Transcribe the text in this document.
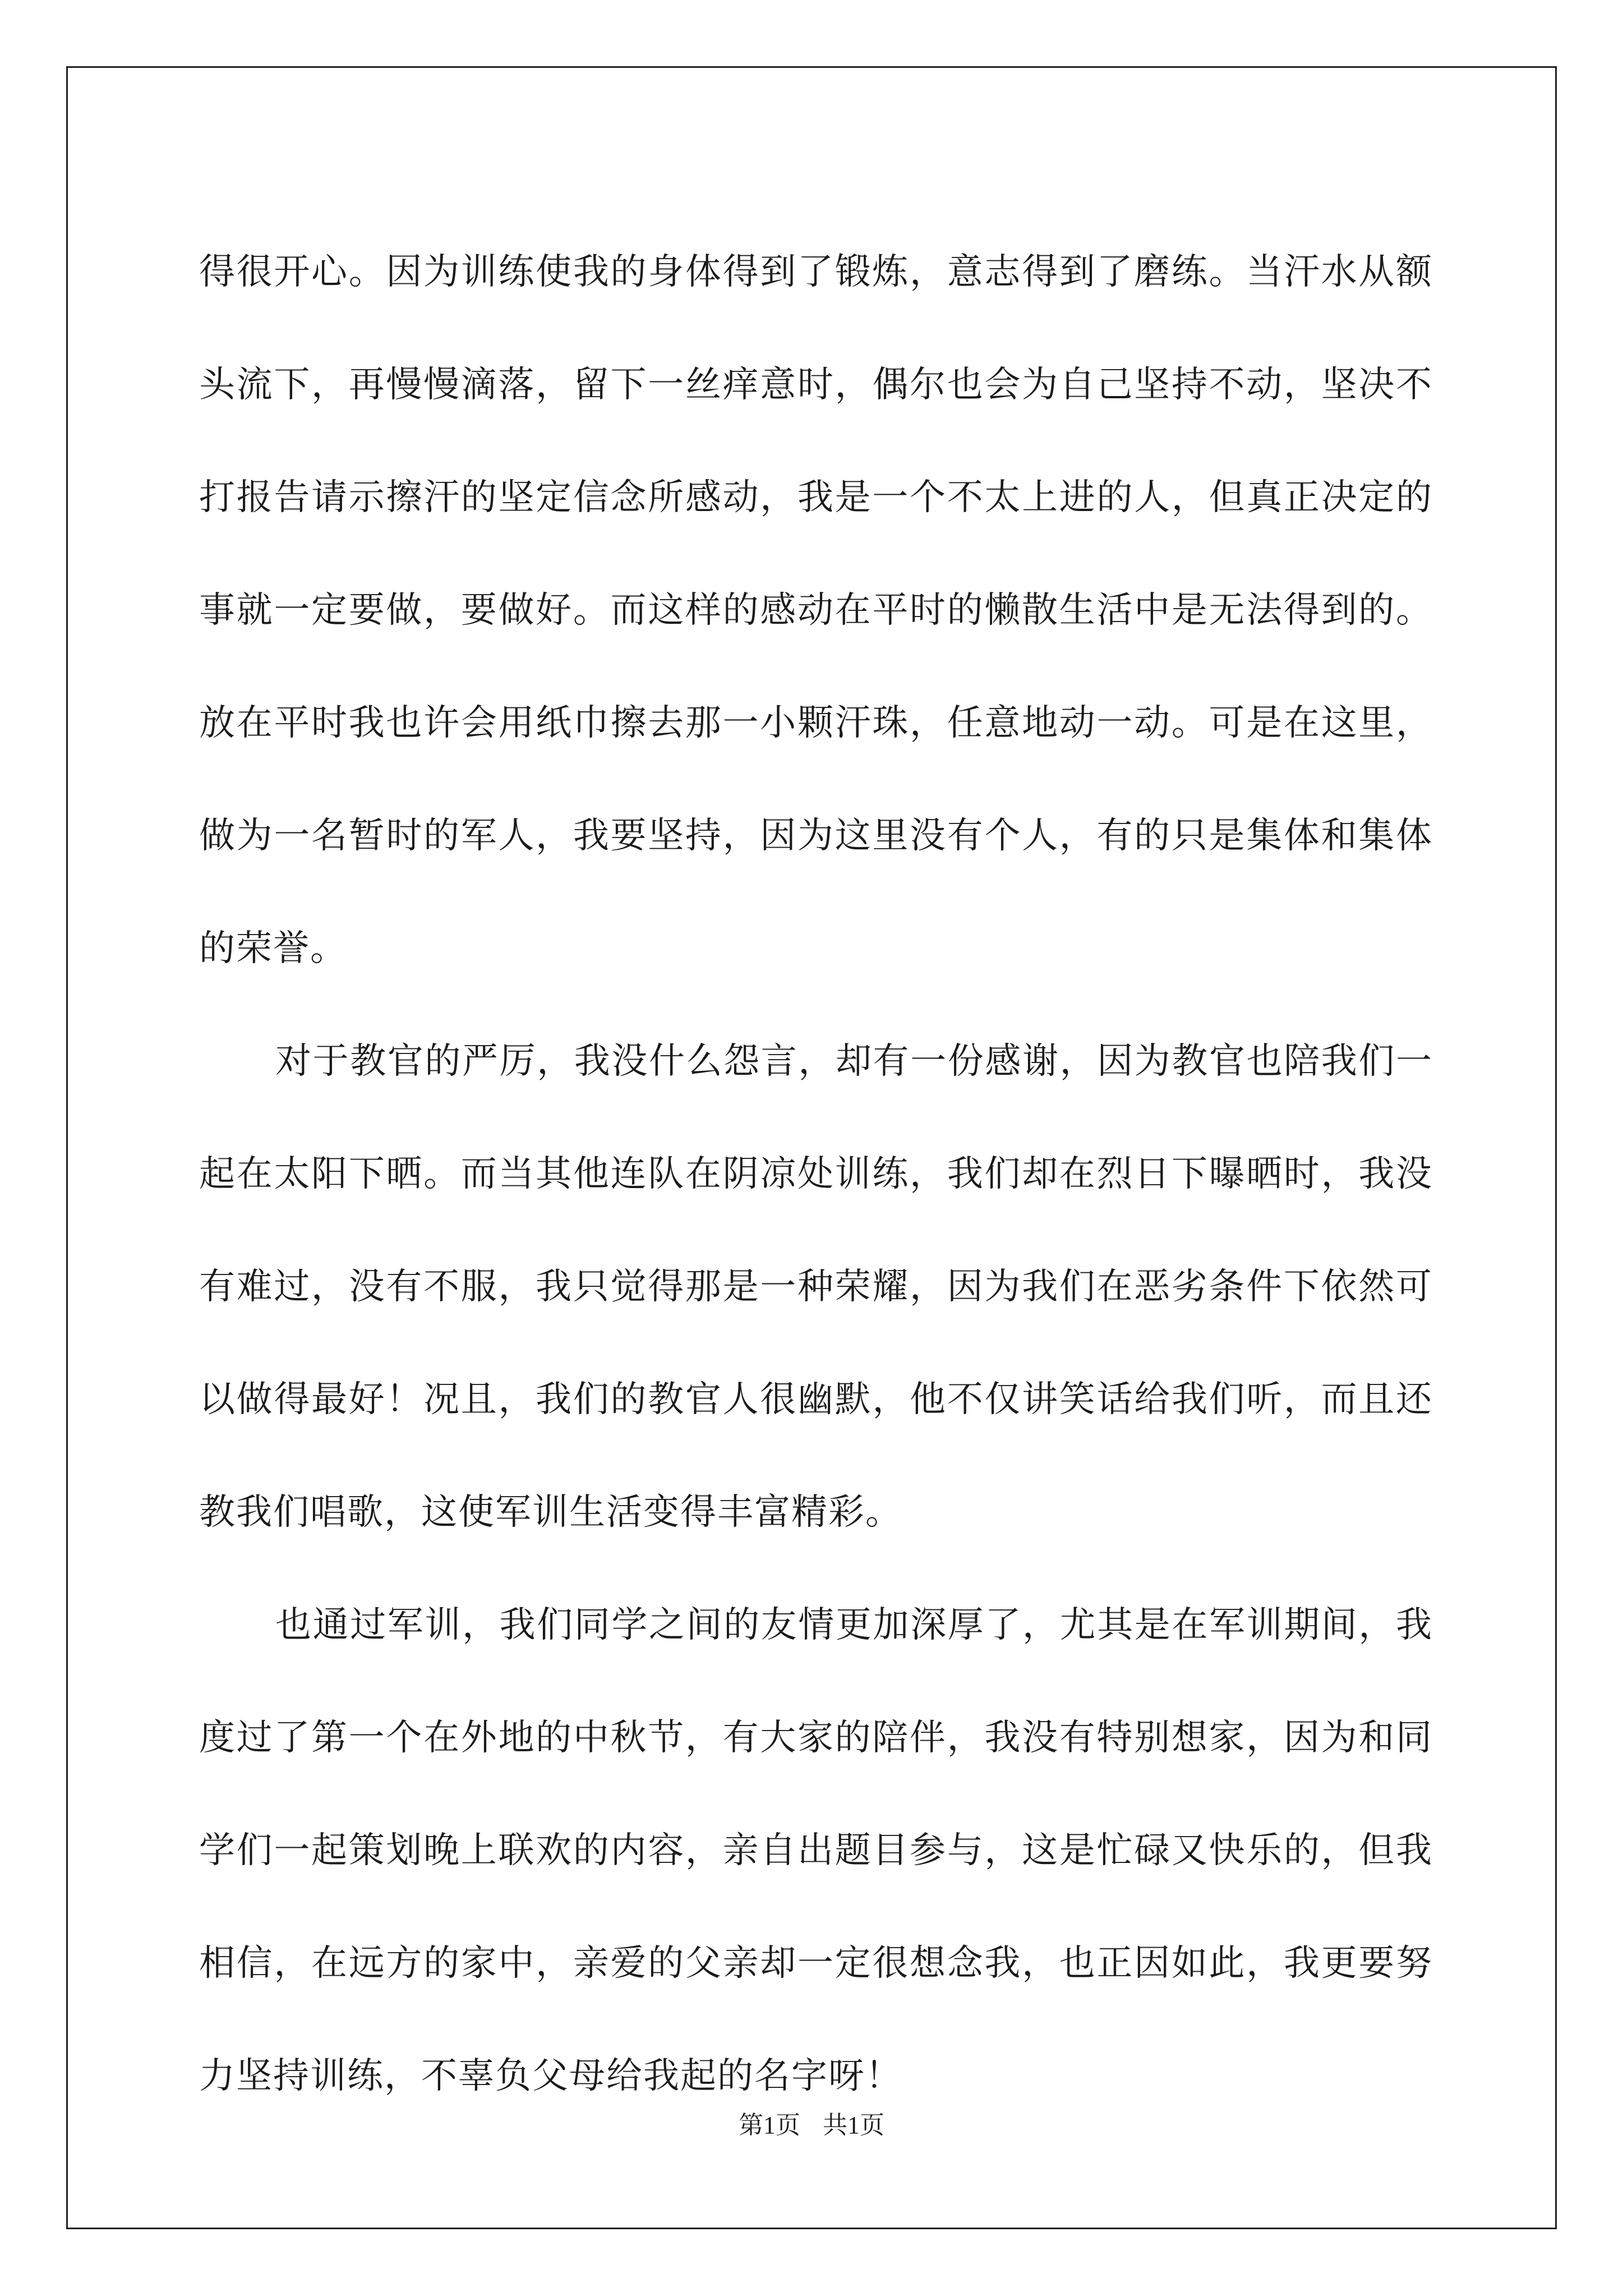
得很开心。因为训练使我的身体得到了锻炼，意志得到了磨练。当汗水从额头流下，再慢慢滴落，留下一丝痒意时，偶尔也会为自己坚持不动，坚决不打报告请示擦汗的坚定信念所感动，我是一个不太上进的人，但真正决定的事就一定要做，要做好。而这样的感动在平时的懒散生活中是无法得到的。放在平时我也许会用纸巾擦去那一小颗汗珠，任意地动一动。可是在这里，做为一名暂时的军人，我要坚持，因为这里没有个人，有的只是集体和集体的荣誉。

对于教官的严厉，我没什么怨言，却有一份感谢，因为教官也陪我们一起在太阳下晒。而当其他连队在阴凉处训练，我们却在烈日下曝晒时，我没有难过，没有不服，我只觉得那是一种荣耀，因为我们在恶劣条件下依然可以做得最好！况且，我们的教官人很幽默，他不仅讲笑话给我们听，而且还教我们唱歌，这使军训生活变得丰富精彩。

也通过军训，我们同学之间的友情更加深厚了，尤其是在军训期间，我度过了第一个在外地的中秋节，有大家的陪伴，我没有特别想家，因为和同学们一起策划晚上联欢的内容，亲自出题目参与，这是忙碌又快乐的，但我相信，在远方的家中，亲爱的父亲却一定很想念我，也正因如此，我更要努力坚持训练，不辜负父母给我起的名字呀！

第1页 共1页
